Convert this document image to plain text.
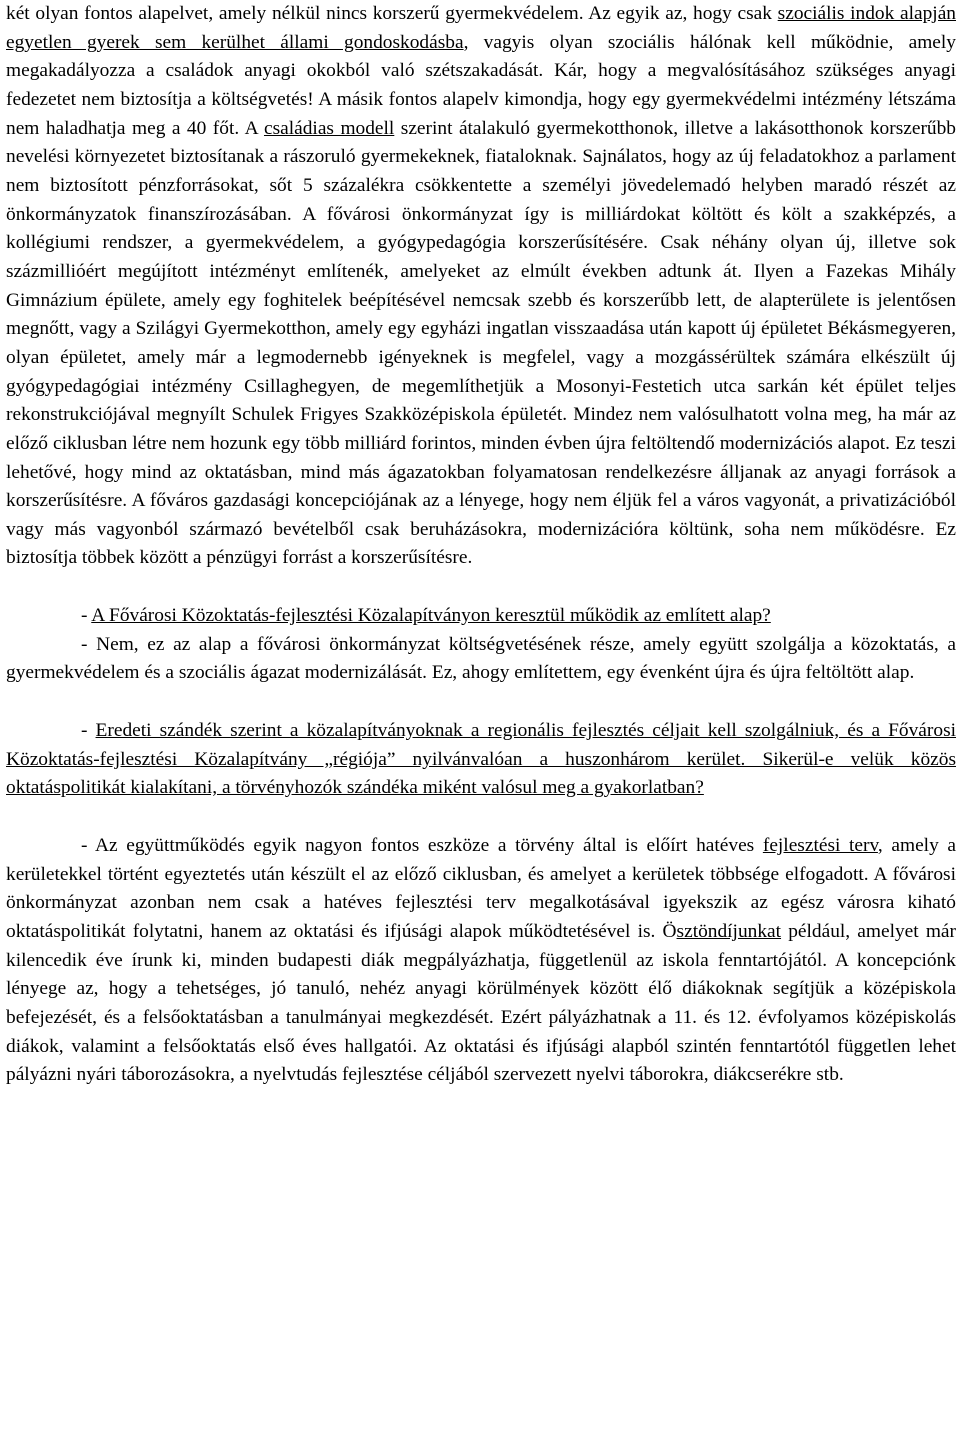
két olyan fontos alapelvet, amely nélkül nincs korszerű gyermekvédelem. Az egyik az, hogy csak szociális indok alapján egyetlen gyerek sem kerülhet állami gondoskodásba, vagyis olyan szociális hálónak kell működnie, amely megakadályozza a családok anyagi okokból való szétszakadását. Kár, hogy a megvalósításához szükséges anyagi fedezetet nem biztosítja a költségvetés! A másik fontos alapelv kimondja, hogy egy gyermekvédelmi intézmény létszáma nem haladhatja meg a 40 főt. A családias modell szerint átalakuló gyermekotthonok, illetve a lakásotthonok korszerűbb nevelési környezetet biztosítanak a rászoruló gyermekeknek, fiataloknak. Sajnálatos, hogy az új feladatokhoz a parlament nem biztosított pénzforrásokat, sőt 5 százalékra csökkentette a személyi jövedelemadó helyben maradó részét az önkormányzatok finanszírozásában. A fővárosi önkormányzat így is milliárdokat költött és költ a szakképzés, a kollégiumi rendszer, a gyermekvédelem, a gyógypedagógia korszerűsítésére. Csak néhány olyan új, illetve sok százmillióért megújított intézményt említenék, amelyeket az elmúlt években adtunk át. Ilyen a Fazekas Mihály Gimnázium épülete, amely egy foghitelek beépítésével nemcsak szebb és korszerűbb lett, de alapterülete is jelentősen megnőtt, vagy a Szilágyi Gyermekotthon, amely egy egyházi ingatlan visszaadása után kapott új épületet Békásmegyeren, olyan épületet, amely már a legmodernebb igényeknek is megfelel, vagy a mozgássérültek számára elkészült új gyógypedagógiai intézmény Csillaghegyen, de megemlíthetjük a Mosonyi-Festetich utca sarkán két épület teljes rekonstrukciójával megnyílt Schulek Frigyes Szakközépiskola épületét. Mindez nem valósulhatott volna meg, ha már az előző ciklusban létre nem hozunk egy több milliárd forintos, minden évben újra feltöltendő modernizációs alapot. Ez teszi lehetővé, hogy mind az oktatásban, mind más ágazatokban folyamatosan rendelkezésre álljanak az anyagi források a korszerűsítésre. A főváros gazdasági koncepciójának az a lényege, hogy nem éljük fel a város vagyonát, a privatizációból vagy más vagyonból származó bevételből csak beruházásokra, modernizációra költünk, soha nem működésre. Ez biztosítja többek között a pénzügyi forrást a korszerűsítésre.

- A Fővárosi Közoktatás-fejlesztési Közalapítványon keresztül működik az említett alap?

- Nem, ez az alap a fővárosi önkormányzat költségvetésének része, amely együtt szolgálja a közoktatás, a gyermekvédelem és a szociális ágazat modernizálását. Ez, ahogy említettem, egy évenként újra és újra feltöltött alap.

- Eredeti szándék szerint a közalapítványoknak a regionális fejlesztés céljait kell szolgálniuk, és a Fővárosi Közoktatás-fejlesztési Közalapítvány „régiója” nyilvánvalóan a huszonhárom kerület. Sikerül-e velük közös oktatáspolitikát kialakítani, a törvényhozók szándéka miként valósul meg a gyakorlatban?

- Az együttműködés egyik nagyon fontos eszköze a törvény által is előírt hatéves fejlesztési terv, amely a kerületekkel történt egyeztetés után készült el az előző ciklusban, és amelyet a kerületek többsége elfogadott. A fővárosi önkormányzat azonban nem csak a hatéves fejlesztési terv megalkotásával igyekszik az egész városra kiható oktatáspolitikát folytatni, hanem az oktatási és ifjúsági alapok működtetésével is. Ösztöndíjunkat például, amelyet már kilencedik éve írunk ki, minden budapesti diák megpályázhatja, függetlenül az iskola fenntartójától. A koncepciónk lényege az, hogy a tehetséges, jó tanuló, nehéz anyagi körülmények között élő diákoknak segítjük a középiskola befejezését, és a felsőoktatásban a tanulmányai megkezdését. Ezért pályázhatnak a 11. és 12. évfolyamos középiskolás diákok, valamint a felsőoktatás első éves hallgatói. Az oktatási és ifjúsági alapból szintén fenntartótól független lehet pályázni nyári táborozásokra, a nyelvtudás fejlesztése céljából szervezett nyelvi táborokra, diákcserékre stb.
